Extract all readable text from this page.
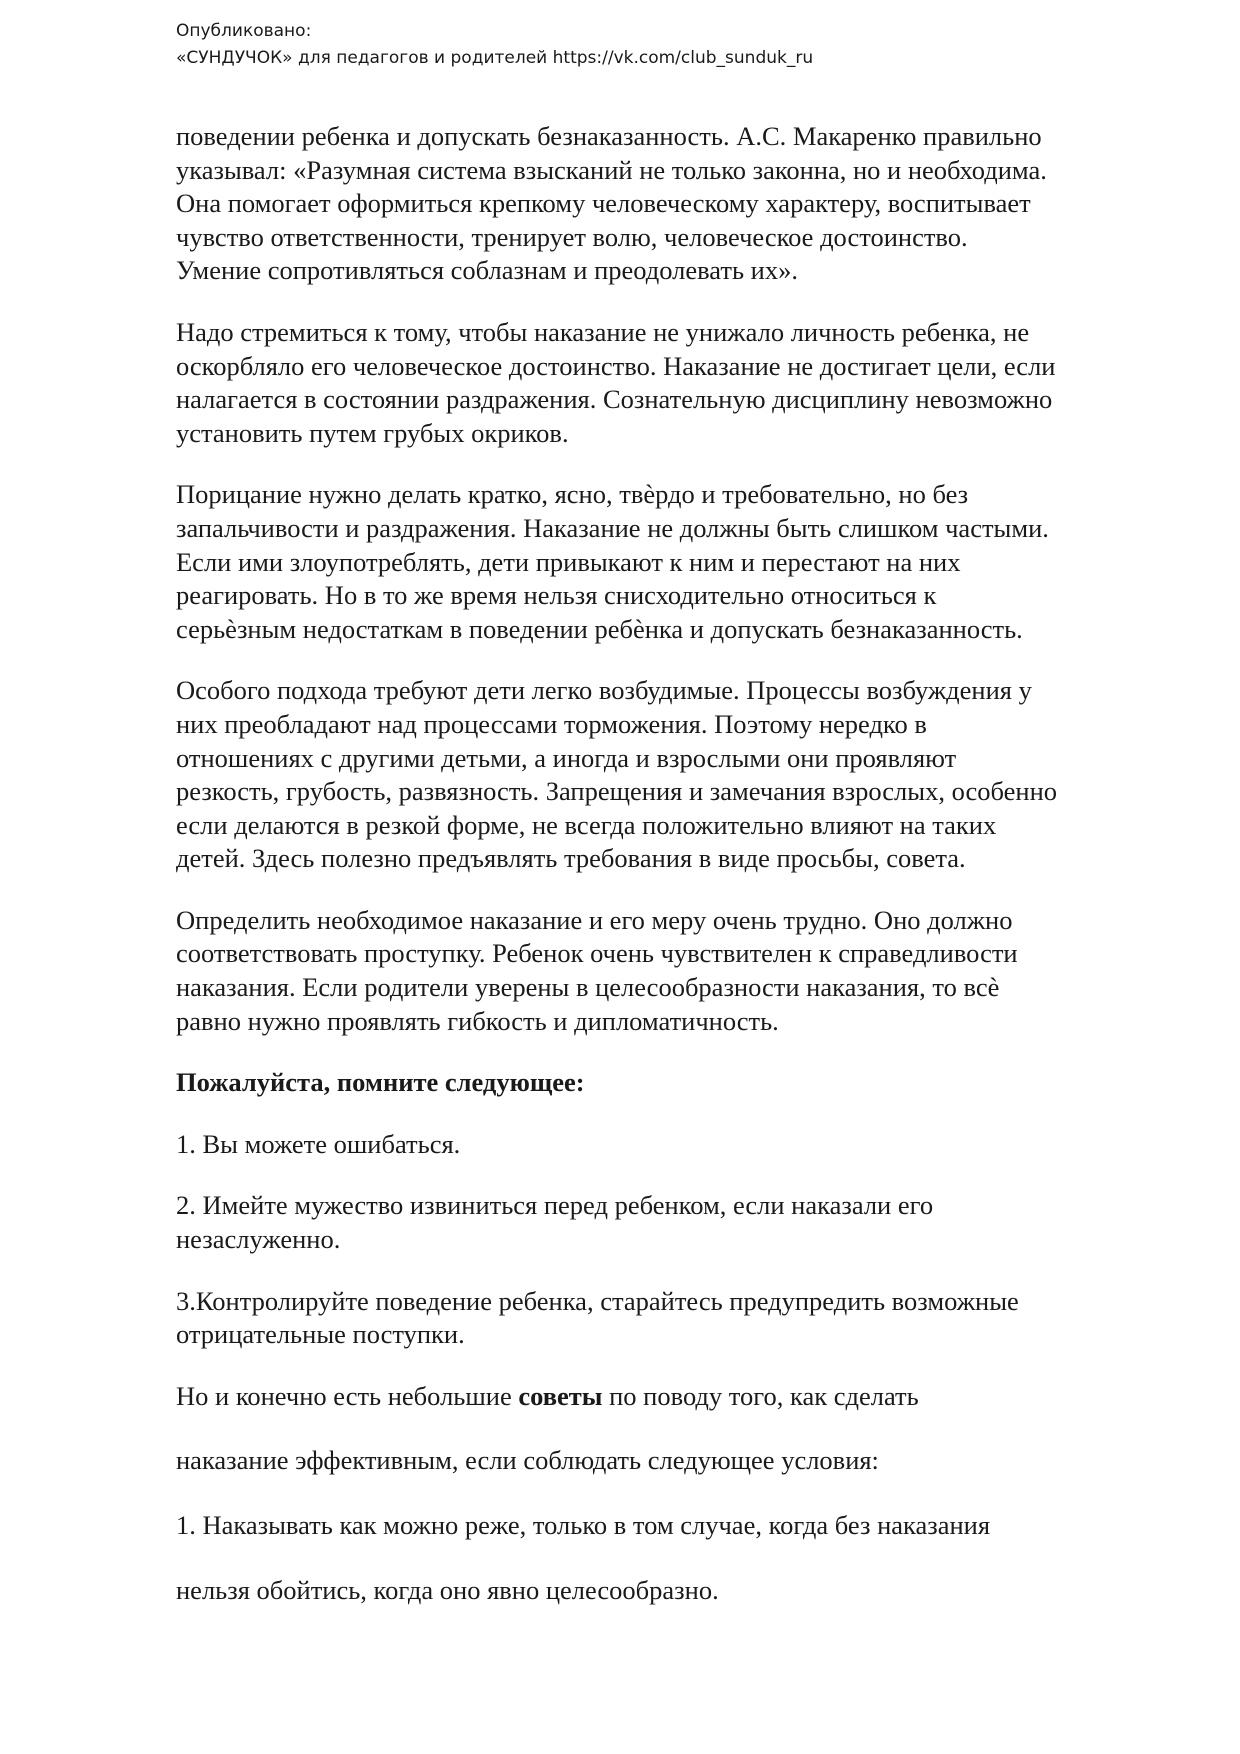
Опубликовано:
«СУНДУЧОК» для педагогов и родителей https://vk.com/club_sunduk_ru
поведении ребенка и допускать безнаказанность. А.С. Макаренко правильно
указывал: «Разумная система взысканий не только законна, но и необходима.
Она помогает оформиться крепкому человеческому характеру, воспитывает
чувство ответственности, тренирует волю, человеческое достоинство.
Умение сопротивляться соблазнам и преодолевать их».
Надо стремиться к тому, чтобы наказание не унижало личность ребенка, не
оскорбляло его человеческое достоинство. Наказание не достигает цели, если
налагается в состоянии раздражения. Сознательную дисциплину невозможно
установить путем грубых окриков.
Порицание нужно делать кратко, ясно, твѐрдо и требовательно, но без
запальчивости и раздражения. Наказание не должны быть слишком частыми.
Если ими злоупотреблять, дети привыкают к ним и перестают на них
реагировать. Но в то же время нельзя снисходительно относиться к
серьѐзным недостаткам в поведении ребѐнка и допускать безнаказанность.
Особого подхода требуют дети легко возбудимые. Процессы возбуждения у
них преобладают над процессами торможения. Поэтому нередко в
отношениях с другими детьми, а иногда и взрослыми они проявляют
резкость, грубость, развязность. Запрещения и замечания взрослых, особенно
если делаются в резкой форме, не всегда положительно влияют на таких
детей. Здесь полезно предъявлять требования в виде просьбы, совета.
Определить необходимое наказание и его меру очень трудно. Оно должно
соответствовать проступку. Ребенок очень чувствителен к справедливости
наказания. Если родители уверены в целесообразности наказания, то всѐ
равно нужно проявлять гибкость и дипломатичность.
Пожалуйста, помните следующее:
1. Вы можете ошибаться.
2. Имейте мужество извиниться перед ребенком, если наказали его
незаслуженно.
3.Контролируйте поведение ребенка, старайтесь предупредить возможные
отрицательные поступки.
Но и конечно есть небольшие советы по поводу того, как сделать
наказание эффективным, если соблюдать следующее условия:
1. Наказывать как можно реже, только в том случае, когда без наказания
нельзя обойтись, когда оно явно целесообразно.
